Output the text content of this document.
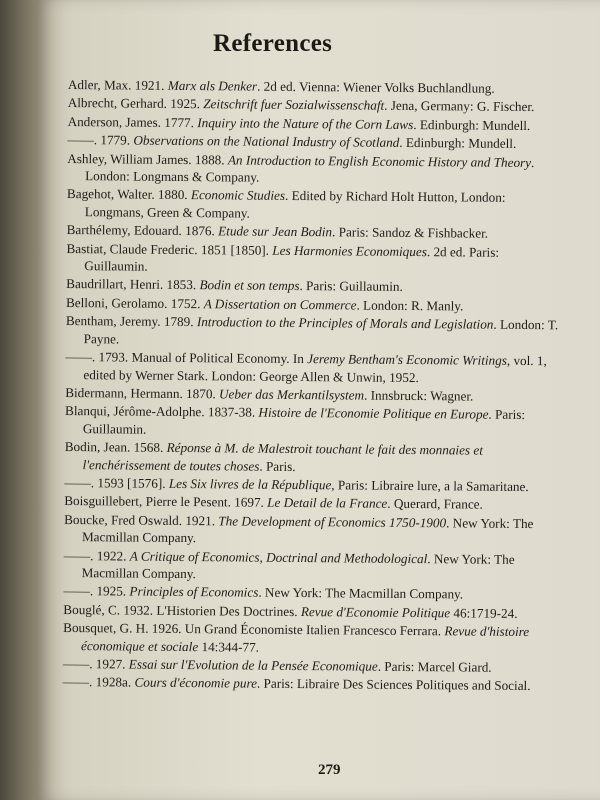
References
Adler, Max. 1921. Marx als Denker. 2d ed. Vienna: Wiener Volks Buchlandlung.
Albrecht, Gerhard. 1925. Zeitschrift fuer Sozialwissenschaft. Jena, Germany: G. Fischer.
Anderson, James. 1777. Inquiry into the Nature of the Corn Laws. Edinburgh: Mundell.
——. 1779. Observations on the National Industry of Scotland. Edinburgh: Mundell.
Ashley, William James. 1888. An Introduction to English Economic History and Theory. London: Longmans & Company.
Bagehot, Walter. 1880. Economic Studies. Edited by Richard Holt Hutton, London: Longmans, Green & Company.
Barthélemy, Edouard. 1876. Etude sur Jean Bodin. Paris: Sandoz & Fishbacker.
Bastiat, Claude Frederic. 1851 [1850]. Les Harmonies Economiques. 2d ed. Paris: Guillaumin.
Baudrillart, Henri. 1853. Bodin et son temps. Paris: Guillaumin.
Belloni, Gerolamo. 1752. A Dissertation on Commerce. London: R. Manly.
Bentham, Jeremy. 1789. Introduction to the Principles of Morals and Legislation. London: T. Payne.
——. 1793. Manual of Political Economy. In Jeremy Bentham's Economic Writings, vol. 1, edited by Werner Stark. London: George Allen & Unwin, 1952.
Bidermann, Hermann. 1870. Ueber das Merkantilsystem. Innsbruck: Wagner.
Blanqui, Jérôme-Adolphe. 1837-38. Histoire de l'Economie Politique en Europe. Paris: Guillaumin.
Bodin, Jean. 1568. Réponse à M. de Malestroit touchant le fait des monnaies et l'enchérissement de toutes choses. Paris.
——. 1593 [1576]. Les Six livres de la République, Paris: Libraire lure, a la Samaritane.
Boisguillebert, Pierre le Pesent. 1697. Le Detail de la France. Querard, France.
Boucke, Fred Oswald. 1921. The Development of Economics 1750-1900. New York: The Macmillan Company.
——. 1922. A Critique of Economics, Doctrinal and Methodological. New York: The Macmillan Company.
——. 1925. Principles of Economics. New York: The Macmillan Company.
Bouglé, C. 1932. L'Historien Des Doctrines. Revue d'Economie Politique 46:1719-24.
Bousquet, G. H. 1926. Un Grand Économiste Italien Francesco Ferrara. Revue d'histoire économique et sociale 14:344-77.
——. 1927. Essai sur l'Evolution de la Pensée Economique. Paris: Marcel Giard.
——. 1928a. Cours d'économie pure. Paris: Libraire Des Sciences Politiques and Social.
279
